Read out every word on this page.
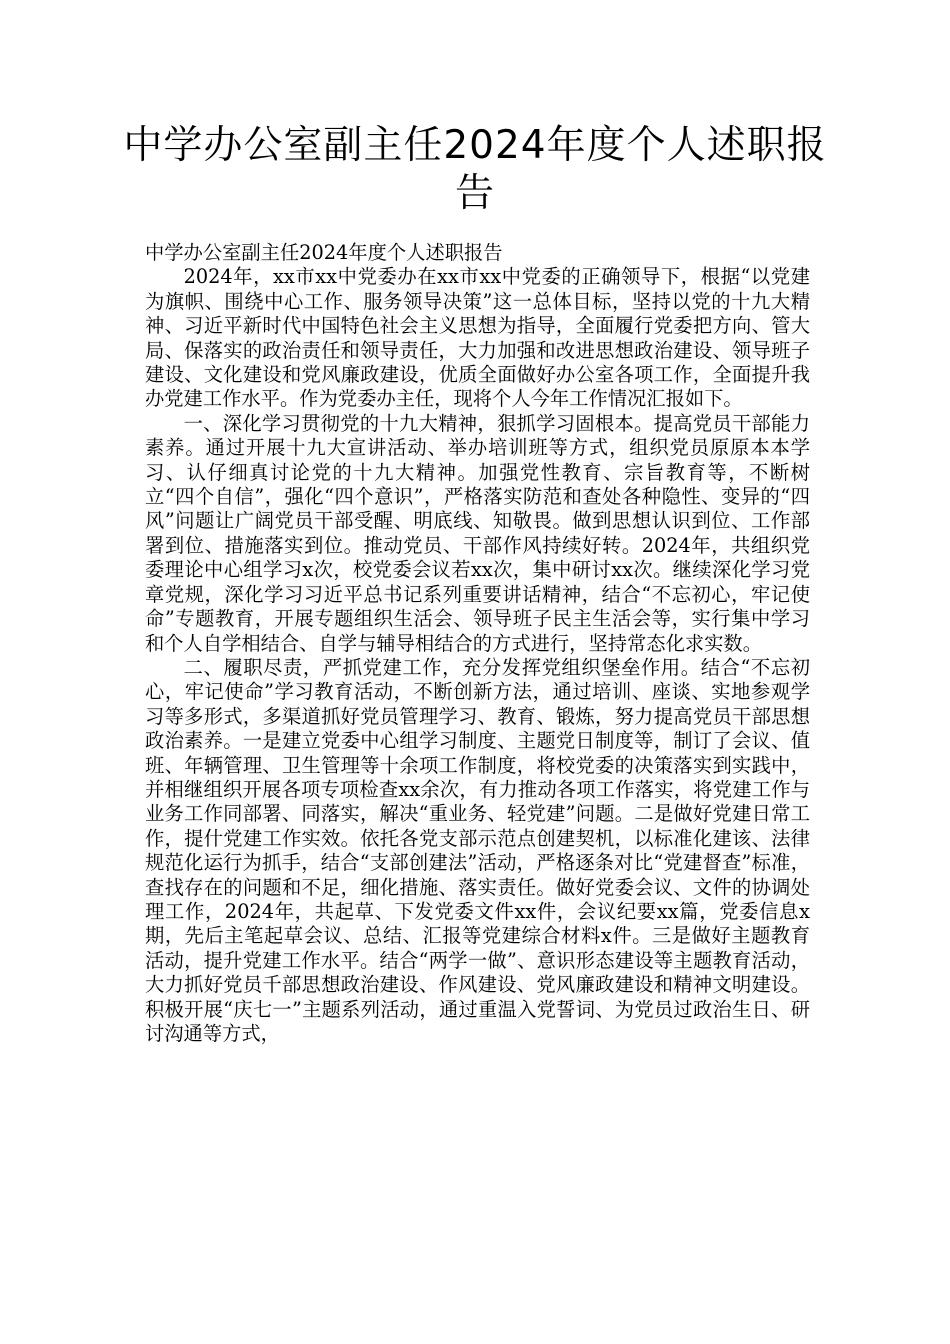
中学办公室副主任2024年度个人述职报告

中学办公室副主任2024年度个人述职报告

2024年，xx市xx中党委办在xx市xx中党委的正确领导下，根据“以党建为旗帜、围绕中心工作、服务领导决策”这一总体目标，坚持以党的十九大精神、习近平新时代中国特色社会主义思想为指导，全面履行党委把方向、管大局、保落实的政治责任和领导责任，大力加强和改进思想政治建设、领导班子建设、文化建设和党风廉政建设，优质全面做好办公室各项工作，全面提升我办党建工作水平。作为党委办主任，现将个人今年工作情况汇报如下。

一、深化学习贯彻党的十九大精神，狠抓学习固根本。提高党员干部能力素养。通过开展十九大宣讲活动、举办培训班等方式，组织党员原原本本学习、认仔细真讨论党的十九大精神。加强党性教育、宗旨教育等，不断树立“四个自信”，强化“四个意识”，严格落实防范和查处各种隐性、变异的“四风”问题让广阔党员干部受醒、明底线、知敬畏。做到思想认识到位、工作部署到位、措施落实到位。推动党员、干部作风持续好转。2024年，共组织党委理论中心组学习x次，校党委会议若xx次，集中研讨xx次。继续深化学习党章党规，深化学习习近平总书记系列重要讲话精神，结合“不忘初心，牢记使命”专题教育，开展专题组织生活会、领导班子民主生活会等，实行集中学习和个人自学相结合、自学与辅导相结合的方式进行，坚持常态化求实数。

二、履职尽责，严抓党建工作，充分发挥党组织堡垒作用。结合“不忘初心，牢记使命”学习教育活动，不断创新方法，通过培训、座谈、实地参观学习等多形式，多渠道抓好党员管理学习、教育、锻炼，努力提高党员干部思想政治素养。一是建立党委中心组学习制度、主题党日制度等，制订了会议、值班、年辆管理、卫生管理等十余项工作制度，将校党委的决策落实到实践中，并相继组织开展各项专项检查xx余次，有力推动各项工作落实，将党建工作与业务工作同部署、同落实，解决“重业务、轻党建”问题。二是做好党建日常工作，提什党建工作实效。依托各党支部示范点创建契机，以标准化建该、法律规范化运行为抓手，结合“支部创建法”活动，严格逐条对比“党建督查”标准，查找存在的问题和不足，细化措施、落实责任。做好党委会议、文件的协调处理工作，2024年，共起草、下发党委文件xx件，会议纪要xx篇，党委信息x期，先后主笔起草会议、总结、汇报等党建综合材料x件。三是做好主题教育活动，提升党建工作水平。结合“两学一做”、意识形态建设等主题教育活动，大力抓好党员千部思想政治建设、作风建设、党风廉政建设和精神文明建设。积极开展“庆七一”主题系列活动，通过重温入党誓词、为党员过政治生日、研讨沟通等方式，
